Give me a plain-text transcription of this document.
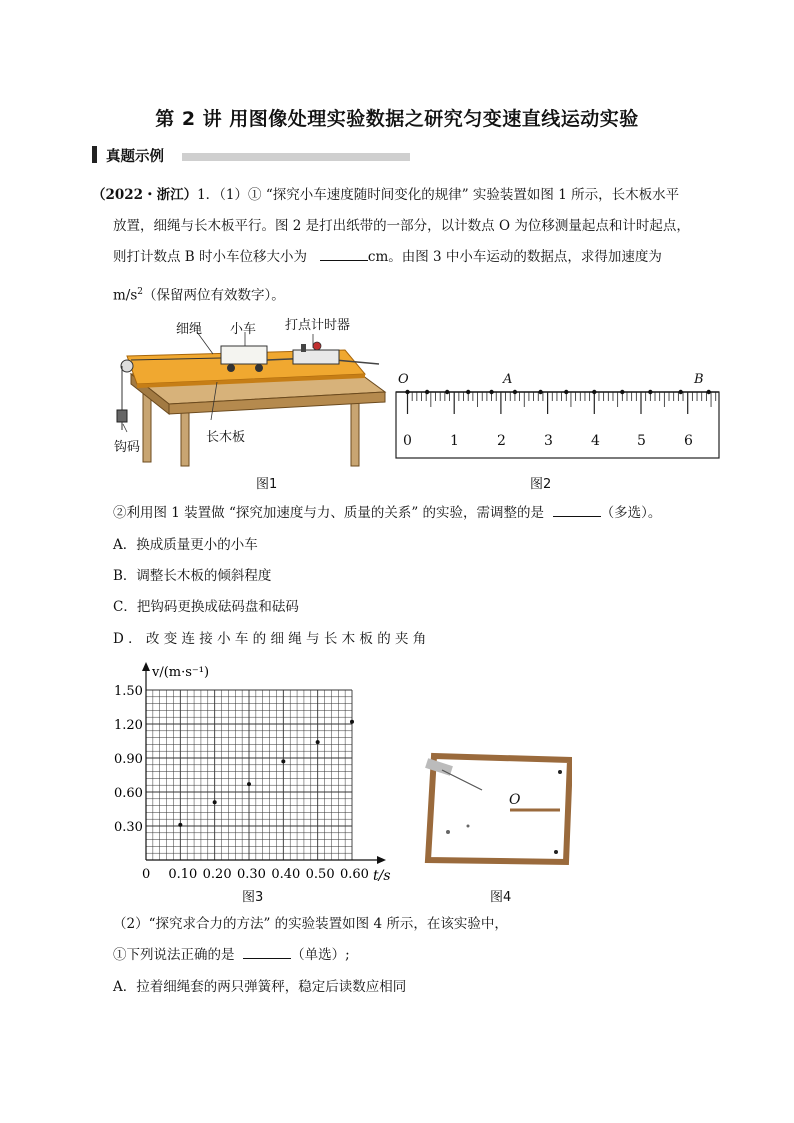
第 2 讲 用图像处理实验数据之研究匀变速直线运动实验
真题示例
（2022・浙江）1．（1）① “探究小车速度随时间变化的规律” 实验装置如图 1 所示，长木板水平
放置，细绳与长木板平行。图 2 是打出纸带的一部分，以计数点 O 为位移测量起点和计时起点，
则打计数点 B 时小车位移大小为	cm。由图 3 中小车运动的数据点，求得加速度为
$m/s^2$（保留两位有效数字）。
细绳 小车 打点计时器
钩码
长木板
图1
O	A	B
0	1	2	3	4	5	6
图2
②利用图 1 装置做 “探究加速度与力、质量的关系” 的实验，需调整的是	（多选）。
A．换成质量更小的小车
B．调整长木板的倾斜程度
C．把钩码更换成砝码盘和砝码
D ． 改 变 连 接 小 车 的 细 绳 与 长 木 板 的 夹 角
0 0.10 0.20 0.30 0.40 0.50 0.60
0.30
0.60
0.90
1.20
1.50
v/(m·s⁻¹)
t/s
图3
O
图4
（2）“探究求合力的方法” 的实验装置如图 4 所示，在该实验中，
①下列说法正确的是	（单选）;
A．拉着细绳套的两只弹簧秤，稳定后读数应相同
